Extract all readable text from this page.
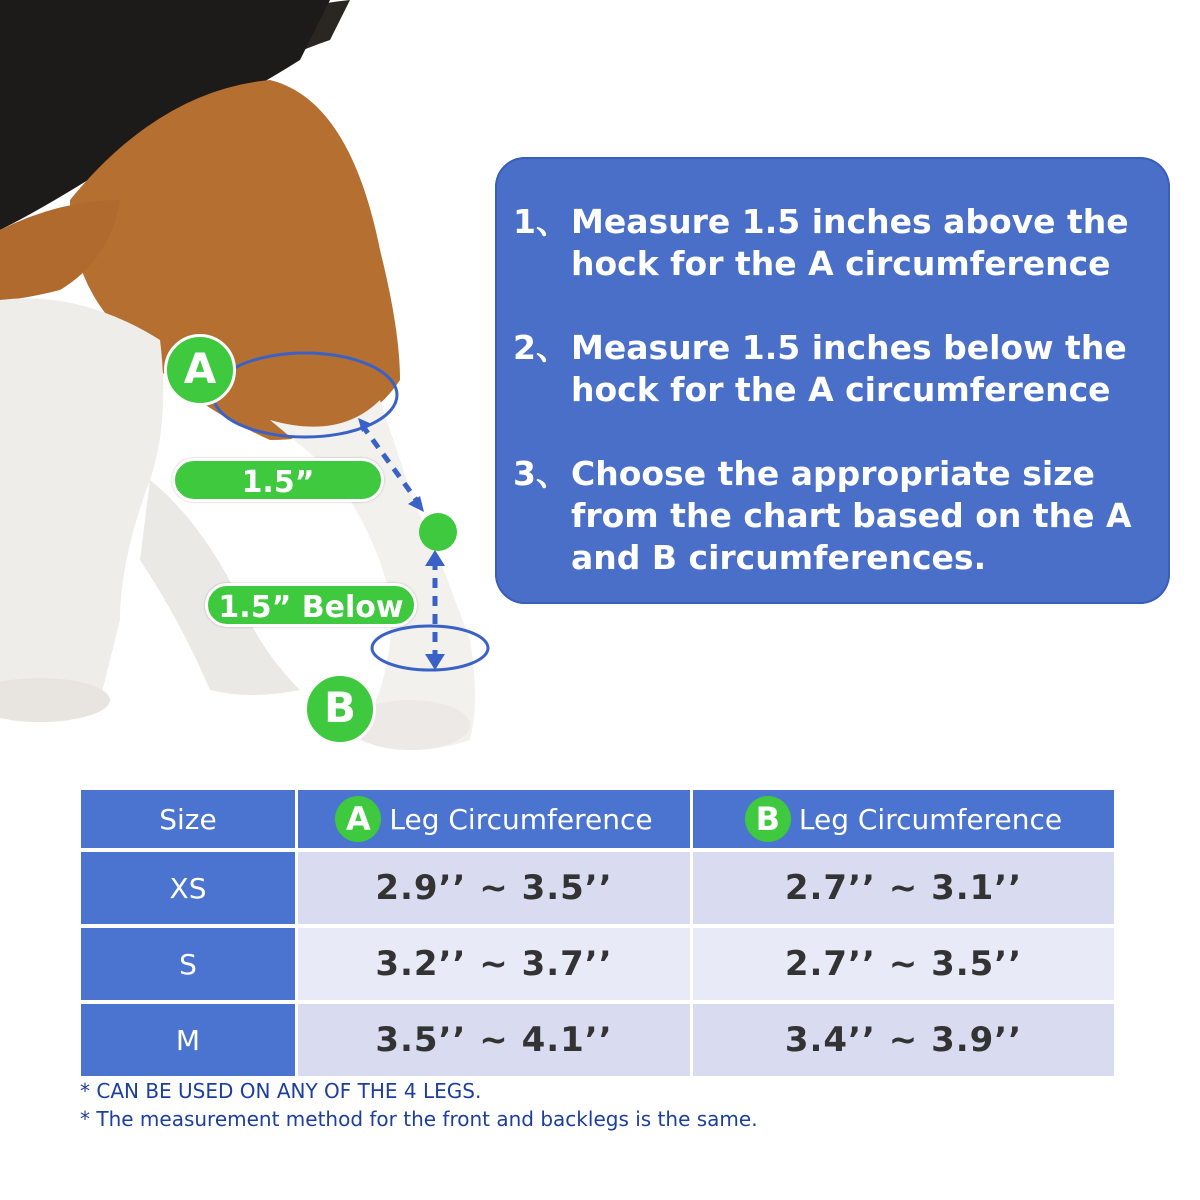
A
B
1.5” Above
1.5” Below
1、 Measure 1.5 inches above the hock for the A circumference
2、 Measure 1.5 inches below the hock for the A circumference
3、 Choose the appropriate size from the chart based on the A and B circumferences.
Size	A Leg Circumference	B Leg Circumference

XS	2.9’’ ~ 3.5’’	2.7’’ ~ 3.1’’
S	3.2’’ ~ 3.7’’	2.7’’ ~ 3.5’’
M	3.5’’ ~ 4.1’’	3.4’’ ~ 3.9’’
* CAN BE USED ON ANY OF THE 4 LEGS.
* The measurement method for the front and backlegs is the same.
